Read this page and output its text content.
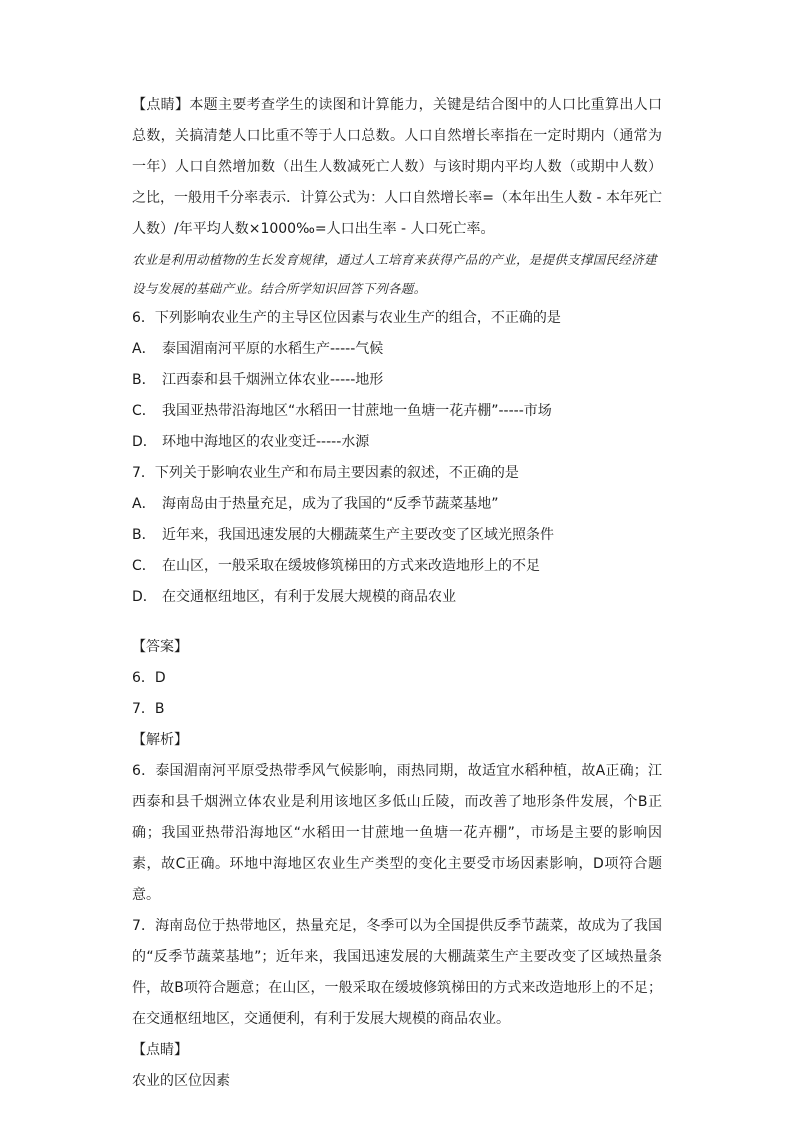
【点睛】本题主要考查学生的读图和计算能力，关键是结合图中的人口比重算出人口总数，关搞清楚人口比重不等于人口总数。人口自然增长率指在一定时期内（通常为一年）人口自然增加数（出生人数减死亡人数）与该时期内平均人数（或期中人数）之比，一般用千分率表示．计算公式为：人口自然增长率=（本年出生人数 - 本年死亡人数）/年平均人数×1000‰=人口出生率 - 人口死亡率。

农业是利用动植物的生长发育规律，通过人工培育来获得产品的产业，是提供支撑国民经济建设与发展的基础产业。结合所学知识回答下列各题。

6．下列影响农业生产的主导区位因素与农业生产的组合，不正确的是

A． 泰国湄南河平原的水稻生产-----气候

B． 江西泰和县千烟洲立体农业-----地形

C． 我国亚热带沿海地区“水稻田一甘蔗地一鱼塘一花卉棚”-----市场

D． 环地中海地区的农业变迁-----水源

7．下列关于影响农业生产和布局主要因素的叙述，不正确的是

A． 海南岛由于热量充足，成为了我国的“反季节蔬菜基地”

B． 近年来，我国迅速发展的大棚蔬菜生产主要改变了区域光照条件

C． 在山区，一般采取在缓坡修筑梯田的方式来改造地形上的不足

D． 在交通枢纽地区，有利于发展大规模的商品农业

【答案】

6．D

7．B

【解析】

6．泰国湄南河平原受热带季风气候影响，雨热同期，故适宜水稻种植，故A正确；江西泰和县千烟洲立体农业是利用该地区多低山丘陵，而改善了地形条件发展，个B正确；我国亚热带沿海地区“水稻田一甘蔗地一鱼塘一花卉棚”，市场是主要的影响因素，故C正确。环地中海地区农业生产类型的变化主要受市场因素影响，D项符合题意。

7．海南岛位于热带地区，热量充足，冬季可以为全国提供反季节蔬菜，故成为了我国的“反季节蔬菜基地”；近年来，我国迅速发展的大棚蔬菜生产主要改变了区域热量条件，故B项符合题意；在山区，一般采取在缓坡修筑梯田的方式来改造地形上的不足；在交通枢纽地区，交通便利，有利于发展大规模的商品农业。

【点睛】

农业的区位因素
